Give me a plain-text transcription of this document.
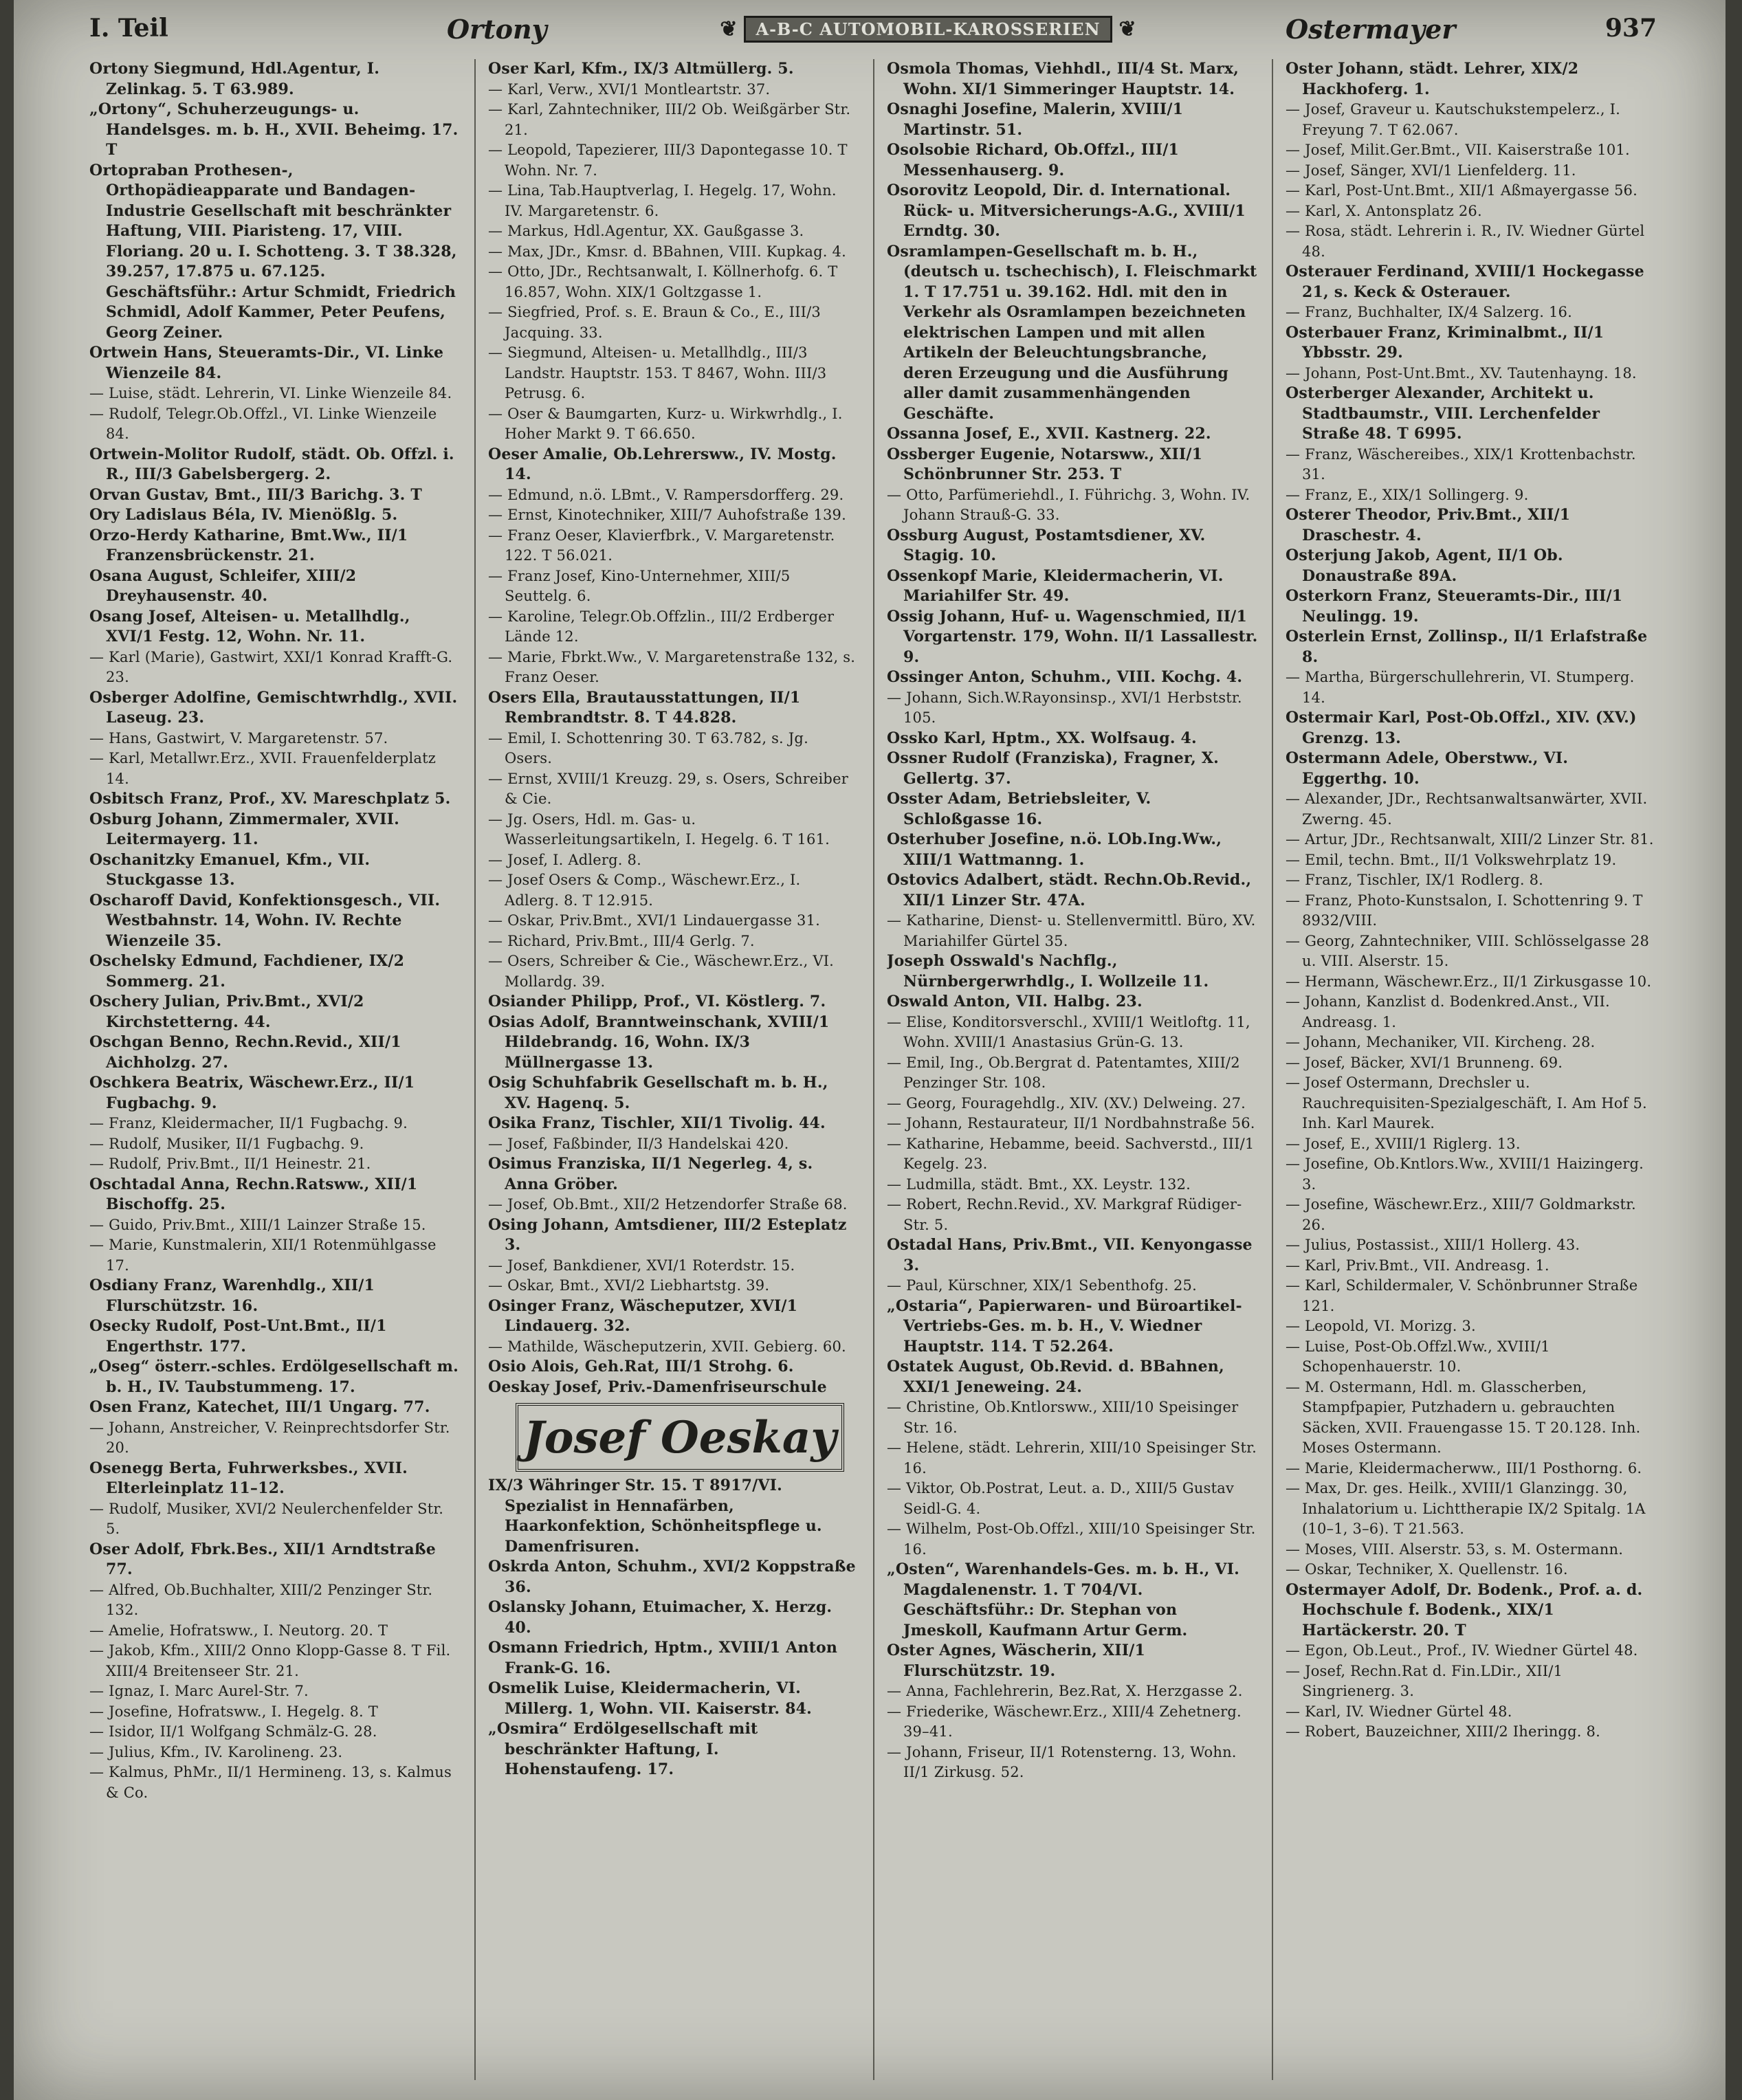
I. Teil	Ortony	❦	A-B-C AUTOMOBIL-KAROSSERIEN ❦	Ostermayer	937
Ortony Siegmund, Hdl.Agentur, I. Zelinkag. 5. T 63.989.
„Ortony“, Schuherzeugungs- u. Handelsges. m. b. H., XVII. Beheimg. 17. T
Ortopraban Prothesen-, Orthopädieapparate und Bandagen-Industrie Gesellschaft mit beschränkter Haftung, VIII. Piaristeng. 17, VIII. Floriang. 20 u. I. Schotteng. 3. T 38.328, 39.257, 17.875 u. 67.125. Geschäftsführ.: Artur Schmidt, Friedrich Schmidl, Adolf Kammer, Peter Peufens, Georg Zeiner.
Ortwein Hans, Steueramts-Dir., VI. Linke Wienzeile 84.
— Luise, städt. Lehrerin, VI. Linke Wienzeile 84.
— Rudolf, Telegr.Ob.Offzl., VI. Linke Wienzeile 84.
Ortwein-Molitor Rudolf, städt. Ob. Offzl. i. R., III/3 Gabelsbergerg. 2.
Orvan Gustav, Bmt., III/3 Barichg. 3. T
Ory Ladislaus Béla, IV. Mienößlg. 5.
Orzo-Herdy Katharine, Bmt.Ww., II/1 Franzensbrückenstr. 21.
Osana August, Schleifer, XIII/2 Dreyhausenstr. 40.
Osang Josef, Alteisen- u. Metallhdlg., XVI/1 Festg. 12, Wohn. Nr. 11.
— Karl (Marie), Gastwirt, XXI/1 Konrad Krafft-G. 23.
Osberger Adolfine, Gemischtwrhdlg., XVII. Laseug. 23.
— Hans, Gastwirt, V. Margaretenstr. 57.
— Karl, Metallwr.Erz., XVII. Frauenfelderplatz 14.
Osbitsch Franz, Prof., XV. Mareschplatz 5.
Osburg Johann, Zimmermaler, XVII. Leitermayerg. 11.
Oschanitzky Emanuel, Kfm., VII. Stuckgasse 13.
Oscharoff David, Konfektionsgesch., VII. Westbahnstr. 14, Wohn. IV. Rechte Wienzeile 35.
Oschelsky Edmund, Fachdiener, IX/2 Sommerg. 21.
Oschery Julian, Priv.Bmt., XVI/2 Kirchstetterng. 44.
Oschgan Benno, Rechn.Revid., XII/1 Aichholzg. 27.
Oschkera Beatrix, Wäschewr.Erz., II/1 Fugbachg. 9.
— Franz, Kleidermacher, II/1 Fugbachg. 9.
— Rudolf, Musiker, II/1 Fugbachg. 9.
— Rudolf, Priv.Bmt., II/1 Heinestr. 21.
Oschtadal Anna, Rechn.Ratsww., XII/1 Bischoffg. 25.
— Guido, Priv.Bmt., XIII/1 Lainzer Straße 15.
— Marie, Kunstmalerin, XII/1 Rotenmühlgasse 17.
Osdiany Franz, Warenhdlg., XII/1 Flurschützstr. 16.
Osecky Rudolf, Post-Unt.Bmt., II/1 Engerthstr. 177.
„Oseg“ österr.-schles. Erdölgesellschaft m. b. H., IV. Taubstummeng. 17.
Osen Franz, Katechet, III/1 Ungarg. 77.
— Johann, Anstreicher, V. Reinprechtsdorfer Str. 20.
Osenegg Berta, Fuhrwerksbes., XVII. Elterleinplatz 11–12.
— Rudolf, Musiker, XVI/2 Neulerchenfelder Str. 5.
Oser Adolf, Fbrk.Bes., XII/1 Arndtstraße 77.
— Alfred, Ob.Buchhalter, XIII/2 Penzinger Str. 132.
— Amelie, Hofratsww., I. Neutorg. 20. T
— Jakob, Kfm., XIII/2 Onno Klopp-Gasse 8. T Fil. XIII/4 Breitenseer Str. 21.
— Ignaz, I. Marc Aurel-Str. 7.
— Josefine, Hofratsww., I. Hegelg. 8. T
— Isidor, II/1 Wolfgang Schmälz-G. 28.
— Julius, Kfm., IV. Karolineng. 23.
— Kalmus, PhMr., II/1 Hermineng. 13, s. Kalmus & Co.
Oser Karl, Kfm., IX/3 Altmüllerg. 5.
— Karl, Verw., XVI/1 Montleartstr. 37.
— Karl, Zahntechniker, III/2 Ob. Weißgärber Str. 21.
— Leopold, Tapezierer, III/3 Dapontegasse 10. T Wohn. Nr. 7.
— Lina, Tab.Hauptverlag, I. Hegelg. 17, Wohn. IV. Margaretenstr. 6.
— Markus, Hdl.Agentur, XX. Gaußgasse 3.
— Max, JDr., Kmsr. d. BBahnen, VIII. Kupkag. 4.
— Otto, JDr., Rechtsanwalt, I. Köllnerhofg. 6. T 16.857, Wohn. XIX/1 Goltzgasse 1.
— Siegfried, Prof. s. E. Braun & Co., E., III/3 Jacquing. 33.
— Siegmund, Alteisen- u. Metallhdlg., III/3 Landstr. Hauptstr. 153. T 8467, Wohn. III/3 Petrusg. 6.
— Oser & Baumgarten, Kurz- u. Wirkwrhdlg., I. Hoher Markt 9. T 66.650.
Oeser Amalie, Ob.Lehrersww., IV. Mostg. 14.
— Edmund, n.ö. LBmt., V. Rampersdorfferg. 29.
— Ernst, Kinotechniker, XIII/7 Auhofstraße 139.
— Franz Oeser, Klavierfbrk., V. Margaretenstr. 122. T 56.021.
— Franz Josef, Kino-Unternehmer, XIII/5 Seuttelg. 6.
— Karoline, Telegr.Ob.Offzlin., III/2 Erdberger Lände 12.
— Marie, Fbrkt.Ww., V. Margaretenstraße 132, s. Franz Oeser.
Osers Ella, Brautausstattungen, II/1 Rembrandtstr. 8. T 44.828.
— Emil, I. Schottenring 30. T 63.782, s. Jg. Osers.
— Ernst, XVIII/1 Kreuzg. 29, s. Osers, Schreiber & Cie.
— Jg. Osers, Hdl. m. Gas- u. Wasserleitungsartikeln, I. Hegelg. 6. T 161.
— Josef, I. Adlerg. 8.
— Josef Osers & Comp., Wäschewr.Erz., I. Adlerg. 8. T 12.915.
— Oskar, Priv.Bmt., XVI/1 Lindauergasse 31.
— Richard, Priv.Bmt., III/4 Gerlg. 7.
— Osers, Schreiber & Cie., Wäschewr.Erz., VI. Mollardg. 39.
Osiander Philipp, Prof., VI. Köstlerg. 7.
Osias Adolf, Branntweinschank, XVIII/1 Hildebrandg. 16, Wohn. IX/3 Müllnergasse 13.
Osig Schuhfabrik Gesellschaft m. b. H., XV. Hagenq. 5.
Osika Franz, Tischler, XII/1 Tivolig. 44.
— Josef, Faßbinder, II/3 Handelskai 420.
Osimus Franziska, II/1 Negerleg. 4, s. Anna Gröber.
— Josef, Ob.Bmt., XII/2 Hetzendorfer Straße 68.
Osing Johann, Amtsdiener, III/2 Esteplatz 3.
— Josef, Bankdiener, XVI/1 Roterdstr. 15.
— Oskar, Bmt., XVI/2 Liebhartstg. 39.
Osinger Franz, Wäscheputzer, XVI/1 Lindauerg. 32.
— Mathilde, Wäscheputzerin, XVII. Gebierg. 60.
Osio Alois, Geh.Rat, III/1 Strohg. 6.
Oeskay Josef, Priv.-Damenfriseurschule
Josef Oeskay
IX/3 Währinger Str. 15. T 8917/VI. Spezialist in Hennafärben, Haarkonfektion, Schönheitspflege u. Damenfrisuren.
Oskrda Anton, Schuhm., XVI/2 Koppstraße 36.
Oslansky Johann, Etuimacher, X. Herzg. 40.
Osmann Friedrich, Hptm., XVIII/1 Anton Frank-G. 16.
Osmelik Luise, Kleidermacherin, VI. Millerg. 1, Wohn. VII. Kaiserstr. 84.
„Osmira“ Erdölgesellschaft mit beschränkter Haftung, I. Hohenstaufeng. 17.
Osmola Thomas, Viehhdl., III/4 St. Marx, Wohn. XI/1 Simmeringer Hauptstr. 14.
Osnaghi Josefine, Malerin, XVIII/1 Martinstr. 51.
Osolsobie Richard, Ob.Offzl., III/1 Messenhauserg. 9.
Osorovitz Leopold, Dir. d. International. Rück- u. Mitversicherungs-A.G., XVIII/1 Erndtg. 30.
Osramlampen-Gesellschaft m. b. H., (deutsch u. tschechisch), I. Fleischmarkt 1. T 17.751 u. 39.162. Hdl. mit den in Verkehr als Osramlampen bezeichneten elektrischen Lampen und mit allen Artikeln der Beleuchtungsbranche, deren Erzeugung und die Ausführung aller damit zusammenhängenden Geschäfte.
Ossanna Josef, E., XVII. Kastnerg. 22.
Ossberger Eugenie, Notarsww., XII/1 Schönbrunner Str. 253. T
— Otto, Parfümeriehdl., I. Führichg. 3, Wohn. IV. Johann Strauß-G. 33.
Ossburg August, Postamtsdiener, XV. Stagig. 10.
Ossenkopf Marie, Kleidermacherin, VI. Mariahilfer Str. 49.
Ossig Johann, Huf- u. Wagenschmied, II/1 Vorgartenstr. 179, Wohn. II/1 Lassallestr. 9.
Ossinger Anton, Schuhm., VIII. Kochg. 4.
— Johann, Sich.W.Rayonsinsp., XVI/1 Herbststr. 105.
Ossko Karl, Hptm., XX. Wolfsaug. 4.
Ossner Rudolf (Franziska), Fragner, X. Gellertg. 37.
Osster Adam, Betriebsleiter, V. Schloßgasse 16.
Osterhuber Josefine, n.ö. LOb.Ing.Ww., XIII/1 Wattmanng. 1.
Ostovics Adalbert, städt. Rechn.Ob.Revid., XII/1 Linzer Str. 47A.
— Katharine, Dienst- u. Stellenvermittl. Büro, XV. Mariahilfer Gürtel 35.
Joseph Osswald's Nachflg., Nürnbergerwrhdlg., I. Wollzeile 11.
Oswald Anton, VII. Halbg. 23.
— Elise, Konditorsverschl., XVIII/1 Weitloftg. 11, Wohn. XVIII/1 Anastasius Grün-G. 13.
— Emil, Ing., Ob.Bergrat d. Patentamtes, XIII/2 Penzinger Str. 108.
— Georg, Fouragehdlg., XIV. (XV.) Delweing. 27.
— Johann, Restaurateur, II/1 Nordbahnstraße 56.
— Katharine, Hebamme, beeid. Sachverstd., III/1 Kegelg. 23.
— Ludmilla, städt. Bmt., XX. Leystr. 132.
— Robert, Rechn.Revid., XV. Markgraf Rüdiger-Str. 5.
Ostadal Hans, Priv.Bmt., VII. Kenyongasse 3.
— Paul, Kürschner, XIX/1 Sebenthofg. 25.
„Ostaria“, Papierwaren- und Büroartikel-Vertriebs-Ges. m. b. H., V. Wiedner Hauptstr. 114. T 52.264.
Ostatek August, Ob.Revid. d. BBahnen, XXI/1 Jeneweing. 24.
— Christine, Ob.Kntlorsww., XIII/10 Speisinger Str. 16.
— Helene, städt. Lehrerin, XIII/10 Speisinger Str. 16.
— Viktor, Ob.Postrat, Leut. a. D., XIII/5 Gustav Seidl-G. 4.
— Wilhelm, Post-Ob.Offzl., XIII/10 Speisinger Str. 16.
„Osten“, Warenhandels-Ges. m. b. H., VI. Magdalenenstr. 1. T 704/VI. Geschäftsführ.: Dr. Stephan von Jmeskoll, Kaufmann Artur Germ.
Oster Agnes, Wäscherin, XII/1 Flurschützstr. 19.
— Anna, Fachlehrerin, Bez.Rat, X. Herzgasse 2.
— Friederike, Wäschewr.Erz., XIII/4 Zehetnerg. 39–41.
— Johann, Friseur, II/1 Rotensterng. 13, Wohn. II/1 Zirkusg. 52.
Oster Johann, städt. Lehrer, XIX/2 Hackhoferg. 1.
— Josef, Graveur u. Kautschukstempelerz., I. Freyung 7. T 62.067.
— Josef, Milit.Ger.Bmt., VII. Kaiserstraße 101.
— Josef, Sänger, XVI/1 Lienfelderg. 11.
— Karl, Post-Unt.Bmt., XII/1 Aßmayergasse 56.
— Karl, X. Antonsplatz 26.
— Rosa, städt. Lehrerin i. R., IV. Wiedner Gürtel 48.
Osterauer Ferdinand, XVIII/1 Hockegasse 21, s. Keck & Osterauer.
— Franz, Buchhalter, IX/4 Salzerg. 16.
Osterbauer Franz, Kriminalbmt., II/1 Ybbsstr. 29.
— Johann, Post-Unt.Bmt., XV. Tautenhayng. 18.
Osterberger Alexander, Architekt u. Stadtbaumstr., VIII. Lerchenfelder Straße 48. T 6995.
— Franz, Wäschereibes., XIX/1 Krottenbachstr. 31.
— Franz, E., XIX/1 Sollingerg. 9.
Osterer Theodor, Priv.Bmt., XII/1 Draschestr. 4.
Osterjung Jakob, Agent, II/1 Ob. Donaustraße 89A.
Osterkorn Franz, Steueramts-Dir., III/1 Neulingg. 19.
Osterlein Ernst, Zollinsp., II/1 Erlafstraße 8.
— Martha, Bürgerschullehrerin, VI. Stumperg. 14.
Ostermair Karl, Post-Ob.Offzl., XIV. (XV.) Grenzg. 13.
Ostermann Adele, Oberstww., VI. Eggerthg. 10.
— Alexander, JDr., Rechtsanwaltsanwärter, XVII. Zwerng. 45.
— Artur, JDr., Rechtsanwalt, XIII/2 Linzer Str. 81.
— Emil, techn. Bmt., II/1 Volkswehrplatz 19.
— Franz, Tischler, IX/1 Rodlerg. 8.
— Franz, Photo-Kunstsalon, I. Schottenring 9. T 8932/VIII.
— Georg, Zahntechniker, VIII. Schlösselgasse 28 u. VIII. Alserstr. 15.
— Hermann, Wäschewr.Erz., II/1 Zirkusgasse 10.
— Johann, Kanzlist d. Bodenkred.Anst., VII. Andreasg. 1.
— Johann, Mechaniker, VII. Kircheng. 28.
— Josef, Bäcker, XVI/1 Brunneng. 69.
— Josef Ostermann, Drechsler u. Rauchrequisiten-Spezialgeschäft, I. Am Hof 5. Inh. Karl Maurek.
— Josef, E., XVIII/1 Riglerg. 13.
— Josefine, Ob.Kntlors.Ww., XVIII/1 Haizingerg. 3.
— Josefine, Wäschewr.Erz., XIII/7 Goldmarkstr. 26.
— Julius, Postassist., XIII/1 Hollerg. 43.
— Karl, Priv.Bmt., VII. Andreasg. 1.
— Karl, Schildermaler, V. Schönbrunner Straße 121.
— Leopold, VI. Morizg. 3.
— Luise, Post-Ob.Offzl.Ww., XVIII/1 Schopenhauerstr. 10.
— M. Ostermann, Hdl. m. Glasscherben, Stampfpapier, Putzhadern u. gebrauchten Säcken, XVII. Frauengasse 15. T 20.128. Inh. Moses Ostermann.
— Marie, Kleidermacherww., III/1 Posthorng. 6.
— Max, Dr. ges. Heilk., XVIII/1 Glanzingg. 30, Inhalatorium u. Lichttherapie IX/2 Spitalg. 1A (10–1, 3–6). T 21.563.
— Moses, VIII. Alserstr. 53, s. M. Ostermann.
— Oskar, Techniker, X. Quellenstr. 16.
Ostermayer Adolf, Dr. Bodenk., Prof. a. d. Hochschule f. Bodenk., XIX/1 Hartäckerstr. 20. T
— Egon, Ob.Leut., Prof., IV. Wiedner Gürtel 48.
— Josef, Rechn.Rat d. Fin.LDir., XII/1 Singrienerg. 3.
— Karl, IV. Wiedner Gürtel 48.
— Robert, Bauzeichner, XIII/2 Iheringg. 8.
